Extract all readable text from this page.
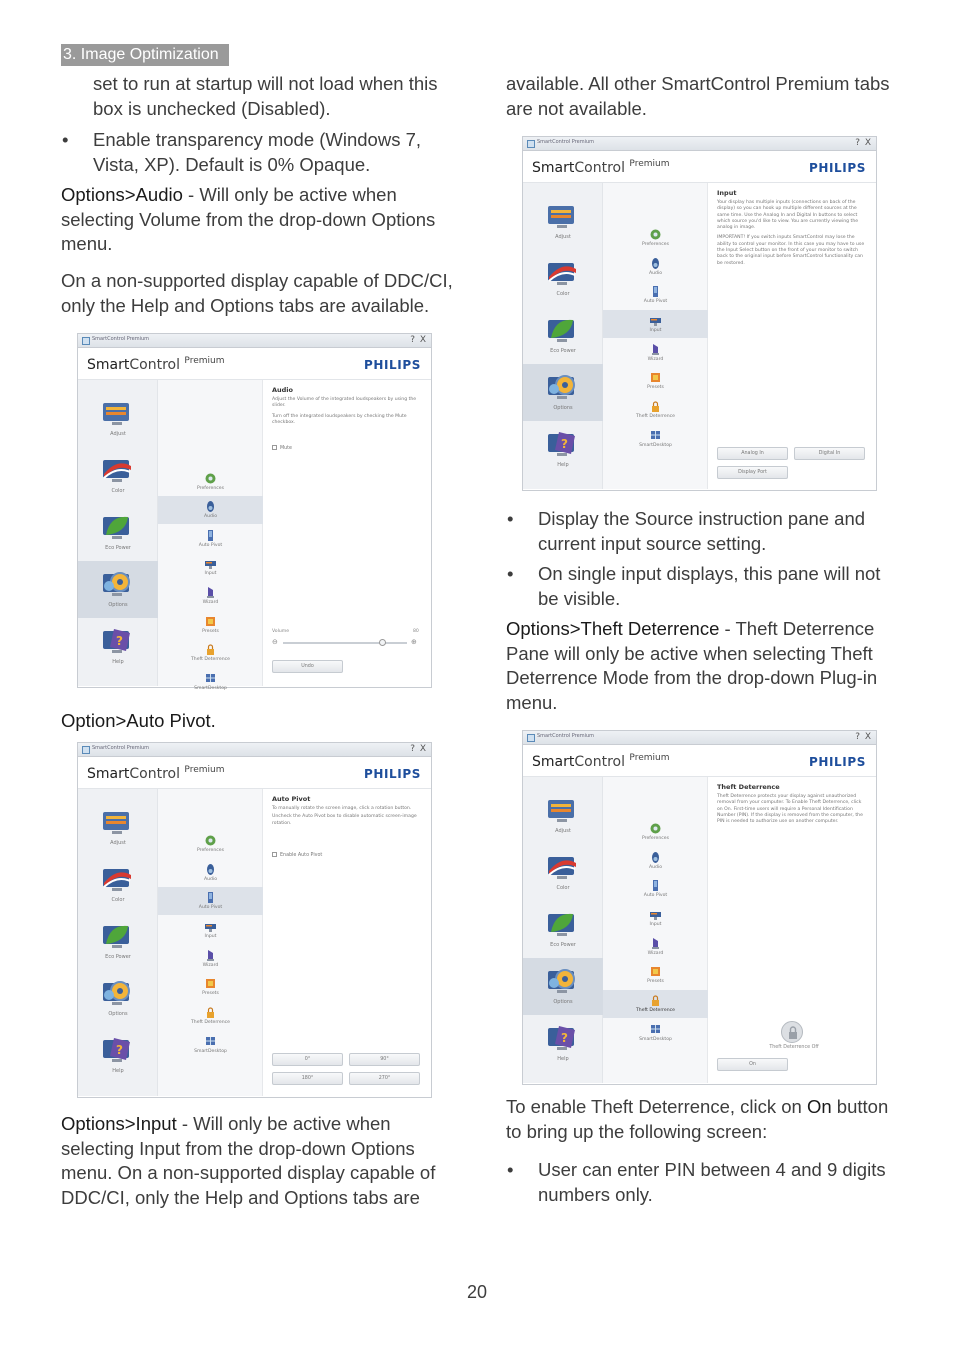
3. Image Optimization
set to run at startup will not load when this box is unchecked (Disabled).
• Enable transparency mode (Windows 7, Vista, XP). Default is 0% Opaque.
Options>Audio - Will only be active when selecting Volume from the drop-down Options menu.
On a non-supported display capable of DDC/CI, only the Help and Options tabs are available.
SmartControl Premium	? X
SmartControl $^{Premium}$	PHILIPS
Adjust
Color
Eco Power
Options
?
Help
Preferences
Audio
Auto Pivot
Input
Wizard
Presets
Theft Deterrence
SmartDesktop
Audio
Adjust the Volume of the integrated loudspeakers by using the slider.
Turn off the integrated loudspeakers by checking the Mute checkbox.
Mute
Volume	80
⊖	⊕
Undo
Option>Auto Pivot.
SmartControl Premium	? X
SmartControl $^{Premium}$	PHILIPS
Adjust
Color
Eco Power
Options
?
Help
Preferences
Audio
Auto Pivot
Input
Wizard
Presets
Theft Deterrence
SmartDesktop
Auto Pivot
To manually rotate the screen image, click a rotation button.
Uncheck the Auto Pivot box to disable automatic screen-image rotation.
Enable Auto Pivot
0°	90°
180°	270°
Options>Input - Will only be active when selecting Input from the drop-down Options menu. On a non-supported display capable of DDC/CI, only the Help and Options tabs are
available. All other SmartControl Premium tabs are not available.
SmartControl Premium	? X
SmartControl $^{Premium}$	PHILIPS
Adjust
Color
Eco Power
Options
?
Help
Preferences
Audio
Auto Pivot
Input
Wizard
Presets
Theft Deterrence
SmartDesktop
Input
Your display has multiple inputs (connections on back of the display) so you can hook up multiple different sources at the same time. Use the Analog In and Digital In buttons to select which source you'd like to view. You are currently viewing the analog in image.
IMPORTANT! If you switch inputs SmartControl may lose the ability to control your monitor. In this case you may have to use the Input Select button on the front of your monitor to switch back to the original input before SmartControl functionality can be restored.
Analog In	Digital In
Display Port
• Display the Source instruction pane and current input source setting.
• On single input displays, this pane will not be visible.
Options>Theft Deterrence - Theft Deterrence Pane will only be active when selecting Theft Deterrence Mode from the drop-down Plug-in menu.
SmartControl Premium	? X
SmartControl $^{Premium}$	PHILIPS
Adjust
Color
Eco Power
Options
?
Help
Preferences
Audio
Auto Pivot
Input
Wizard
Presets
Theft Deterrence
SmartDesktop
Theft Deterrence
Theft Deterrence protects your display against unauthorized removal from your computer. To Enable Theft Deterrence, click on On. First-time users will require a Personal Identification Number (PIN). If the display is removed from the computer, the PIN is needed to authorize use on another computer.
Theft Deterrence Off
On
To enable Theft Deterrence, click on On button to bring up the following screen:
• User can enter PIN between 4 and 9 digits numbers only.
20
